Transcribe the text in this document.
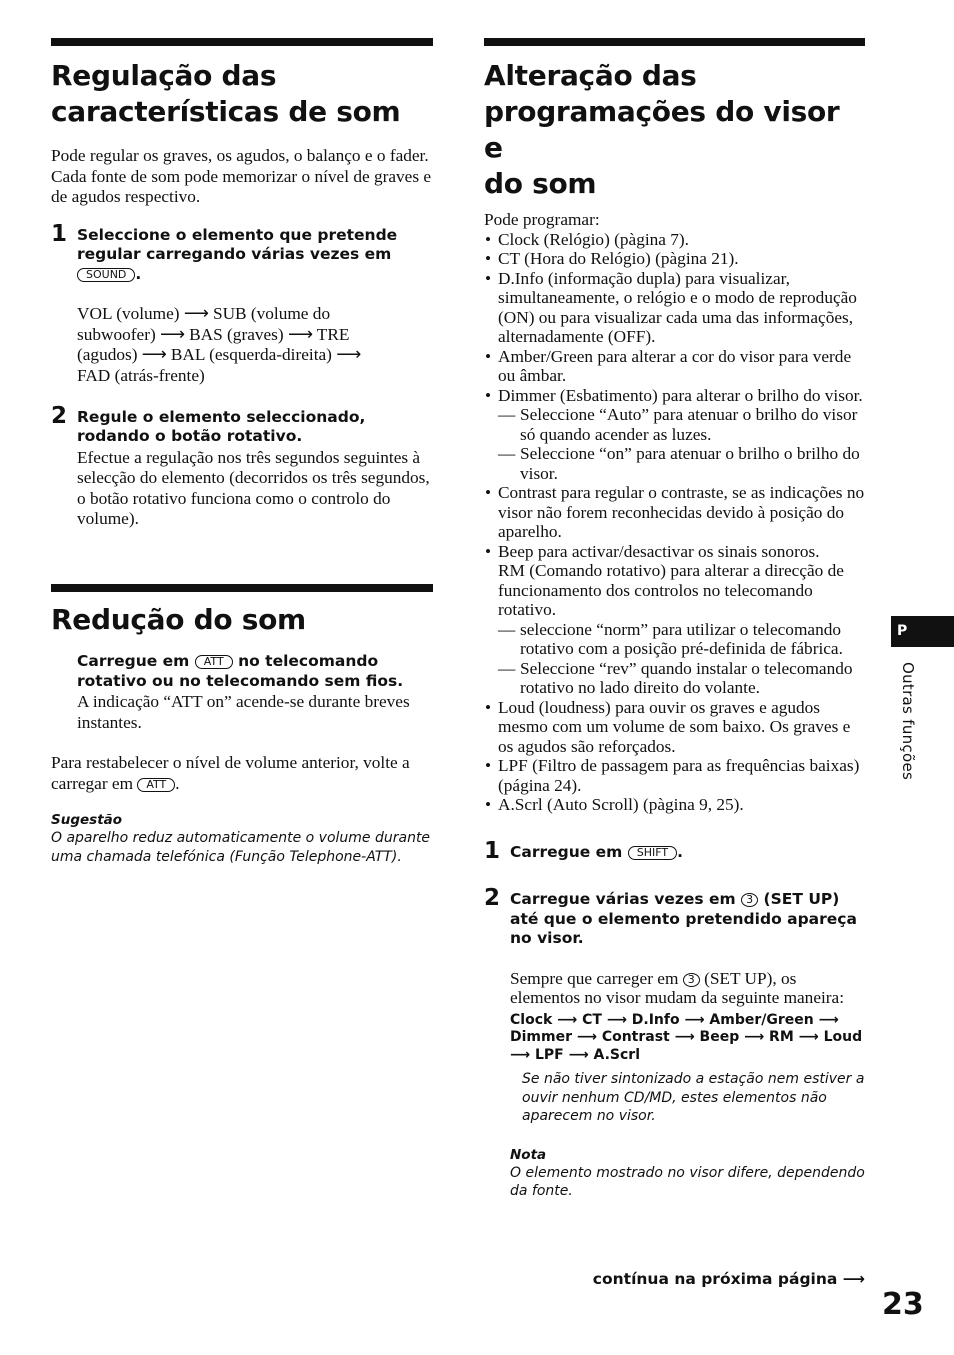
Regulação das
características de som

Pode regular os graves, os agudos, o balanço e o fader. Cada fonte de som pode memorizar o nível de graves e de agudos respectivo.

1 Seleccione o elemento que pretende regular carregando várias vezes em SOUND .

VOL (volume) ⟶ SUB (volume do
subwoofer) ⟶ BAS (graves) ⟶ TRE
(agudos) ⟶ BAL (esquerda-direita) ⟶
FAD (atrás-frente)

2 Regule o elemento seleccionado, rodando o botão rotativo.

Efectue a regulação nos três segundos seguintes à selecção do elemento (decorridos os três segundos, o botão rotativo funciona como o controlo do volume).

Redução do som

Carregue em ATT no telecomando rotativo ou no telecomando sem fios.

A indicação “ATT on” acende-se durante breves instantes.

Para restabelecer o nível de volume anterior, volte a carregar em ATT .

Sugestão

O aparelho reduz automaticamente o volume durante uma chamada telefónica (Função Telephone-ATT).

Alteração das
programações do visor e
do som

Pode programar:

• Clock (Relógio) (pàgina 7).
• CT (Hora do Relógio) (pàgina 21).
• D.Info (informação dupla) para visualizar, simultaneamente, o relógio e o modo de reprodução (ON) ou para visualizar cada uma das informações, alternadamente (OFF).
• Amber/Green para alterar a cor do visor para verde ou âmbar.
• Dimmer (Esbatimento) para alterar o brilho do visor.
— Seleccione “Auto” para atenuar o brilho do visor só quando acender as luzes.
— Seleccione “on” para atenuar o brilho o brilho do visor.
• Contrast para regular o contraste, se as indicações no visor não forem reconhecidas devido à posição do aparelho.
• Beep para activar/desactivar os sinais sonoros.
RM (Comando rotativo) para alterar a direcção de funcionamento dos controlos no telecomando rotativo.
— seleccione “norm” para utilizar o telecomando rotativo com a posição pré-definida de fábrica.
— Seleccione “rev” quando instalar o telecomando rotativo no lado direito do volante.
• Loud (loudness) para ouvir os graves e agudos mesmo com um volume de som baixo. Os graves e os agudos são reforçados.
• LPF (Filtro de passagem para as frequências baixas) (página 24).
• A.Scrl (Auto Scroll) (pàgina 9, 25).
1 Carregue em SHIFT .

2 Carregue várias vezes em 3 (SET UP) até que o elemento pretendido apareça no visor.

Sempre que carreger em 3 (SET UP), os elementos no visor mudam da seguinte maneira:

Clock ⟶ CT ⟶ D.Info ⟶ Amber/Green ⟶
Dimmer ⟶ Contrast ⟶ Beep ⟶ RM ⟶ Loud
⟶ LPF ⟶ A.Scrl

Se não tiver sintonizado a estação nem estiver a ouvir nenhum CD/MD, estes elementos não aparecem no visor.

Nota

O elemento mostrado no visor difere, dependendo da fonte.

P
Outras funções
contínua na próxima página ⟶
23
